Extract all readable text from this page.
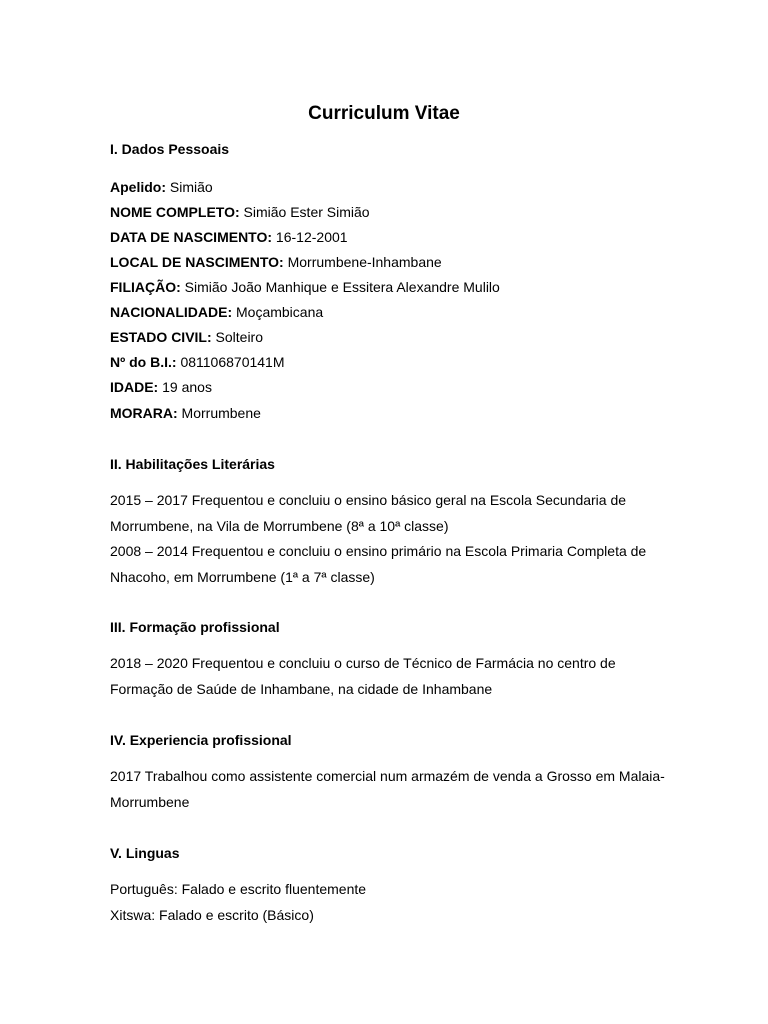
Curriculum Vitae
I. Dados Pessoais
Apelido: Simião
NOME COMPLETO: Simião Ester Simião
DATA DE NASCIMENTO: 16-12-2001
LOCAL DE NASCIMENTO: Morrumbene-Inhambane
FILIAÇÃO: Simião João Manhique e Essitera Alexandre Mulilo
NACIONALIDADE: Moçambicana
ESTADO CIVIL: Solteiro
Nº do B.I.: 081106870141M
IDADE: 19 anos
MORARA: Morrumbene
II. Habilitações Literárias
2015 – 2017 Frequentou e concluiu o ensino básico geral na Escola Secundaria de Morrumbene, na Vila de Morrumbene (8ª a 10ª classe)
2008 – 2014 Frequentou e concluiu o ensino primário na Escola Primaria Completa de Nhacoho, em Morrumbene (1ª a 7ª classe)
III. Formação profissional
2018 – 2020 Frequentou e concluiu o curso de Técnico de Farmácia no centro de Formação de Saúde de Inhambane, na cidade de Inhambane
IV. Experiencia profissional
2017 Trabalhou como assistente comercial num armazém de venda a Grosso em Malaia-Morrumbene
V. Linguas
Português: Falado e escrito fluentemente
Xitswa: Falado e escrito (Básico)
